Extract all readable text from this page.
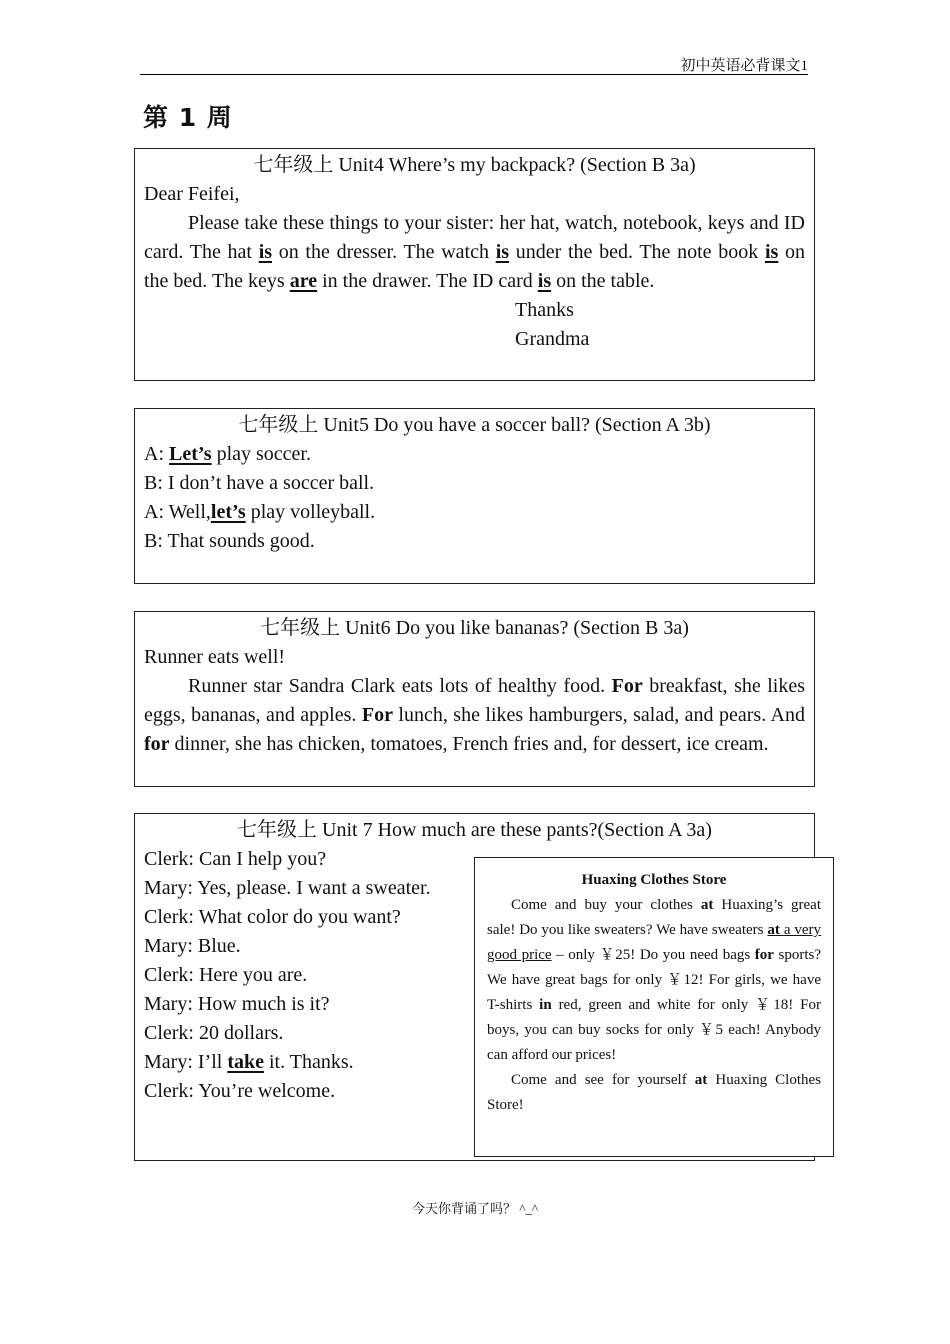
初中英语必背课文1
第 1 周

七年级上 Unit4 Where’s my backpack? (Section B 3a)

Dear Feifei,

Please take these things to your sister: her hat, watch, notebook, keys and ID card. The hat is on the dresser. The watch is under the bed. The note book is on the bed. The keys are in the drawer. The ID card is on the table.

Thanks

Grandma

七年级上 Unit5 Do you have a soccer ball? (Section A 3b)

A: Let’s play soccer.

B: I don’t have a soccer ball.

A: Well,let’s play volleyball.

B: That sounds good.

七年级上 Unit6 Do you like bananas? (Section B 3a)

Runner eats well!

Runner star Sandra Clark eats lots of healthy food. For breakfast, she likes eggs, bananas, and apples. For lunch, she likes hamburgers, salad, and pears. And for dinner, she has chicken, tomatoes, French fries and, for dessert, ice cream.

七年级上 Unit 7 How much are these pants?(Section A 3a)

Clerk: Can I help you?

Mary: Yes, please. I want a sweater.

Clerk: What color do you want?

Mary: Blue.

Clerk: Here you are.

Mary: How much is it?

Clerk: 20 dollars.

Mary: I’ll take it. Thanks.

Clerk: You’re welcome.

Huaxing Clothes Store

Come and buy your clothes at Huaxing’s great sale! Do you like sweaters? We have sweaters at a very good price – only ￥25! Do you need bags for sports? We have great bags for only ￥12! For girls, we have T-shirts in red, green and white for only ￥18! For boys, you can buy socks for only ￥5 each! Anybody can afford our prices!

Come and see for yourself at Huaxing Clothes Store!

今天你背诵了吗？ ^_^
